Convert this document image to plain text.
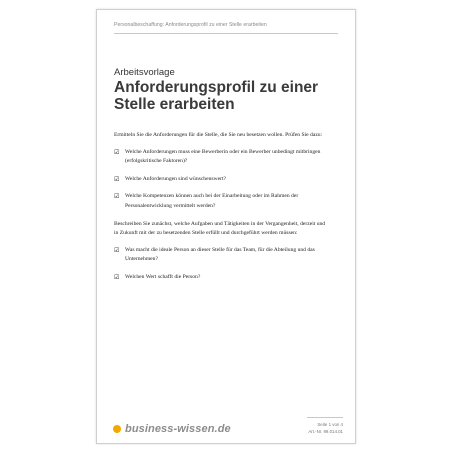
Personalbeschaffung: Anforderungsprofil zu einer Stelle erarbeiten
Arbeitsvorlage
Anforderungsprofil zu einer Stelle erarbeiten

Ermitteln Sie die Anforderungen für die Stelle, die Sie neu besetzen wollen. Prüfen Sie dazu:

☑ Welche Anforderungen muss eine Bewerberin oder ein Bewerber unbedingt mitbringen (erfolgskritische Faktoren)?
☑ Welche Anforderungen sind wünschenswert?
☑ Welche Kompetenzen können auch bei der Einarbeitung oder im Rahmen der Personalentwicklung vermittelt werden?

Beschreiben Sie zunächst, welche Aufgaben und Tätigkeiten in der Vergangenheit, derzeit und in Zukunft mit der zu besetzenden Stelle erfüllt und durchgeführt werden müssen:

☑ Was macht die ideale Person an dieser Stelle für das Team, für die Abteilung und das Unternehmen?
☑ Welchen Wert schafft die Person?
business-wissen.de	Seite 1 von 4
Art.-Nr. 99.014.01
